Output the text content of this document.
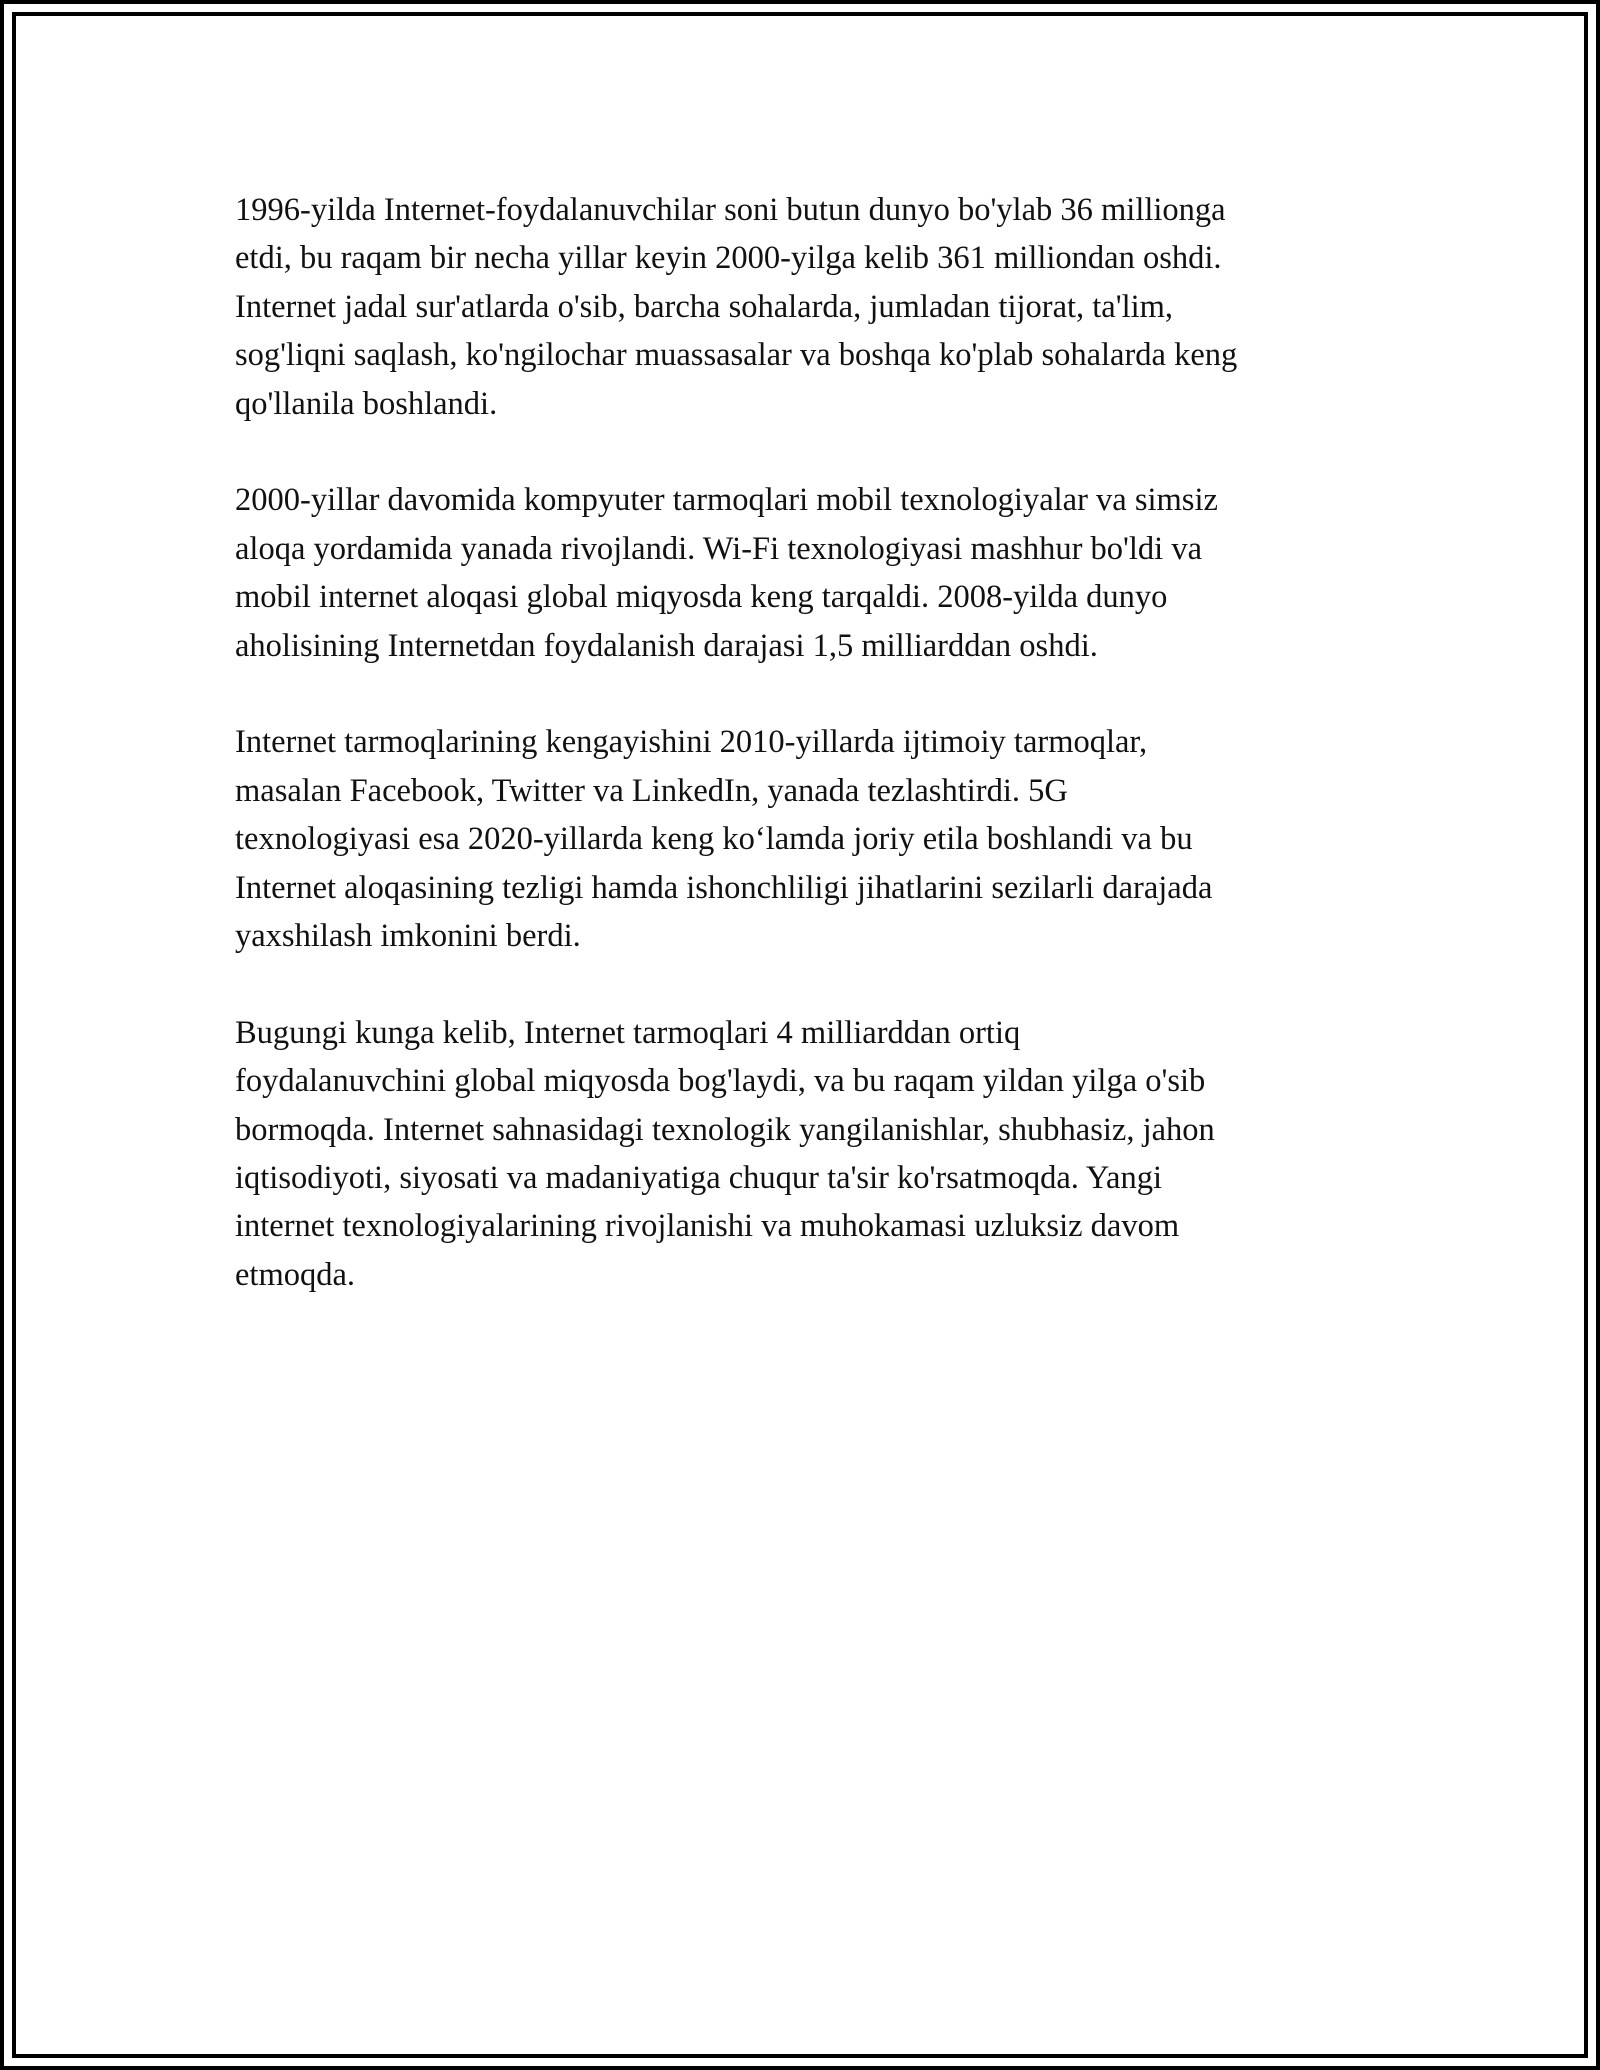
1996-yilda Internet-foydalanuvchilar soni butun dunyo bo'ylab 36 millionga
etdi, bu raqam bir necha yillar keyin 2000-yilga kelib 361 milliondan oshdi.
Internet jadal sur'atlarda o'sib, barcha sohalarda, jumladan tijorat, ta'lim,
sog'liqni saqlash, ko'ngilochar muassasalar va boshqa ko'plab sohalarda keng
qo'llanila boshlandi.

2000-yillar davomida kompyuter tarmoqlari mobil texnologiyalar va simsiz
aloqa yordamida yanada rivojlandi. Wi-Fi texnologiyasi mashhur bo'ldi va
mobil internet aloqasi global miqyosda keng tarqaldi. 2008-yilda dunyo
aholisining Internetdan foydalanish darajasi 1,5 milliarddan oshdi.

Internet tarmoqlarining kengayishini 2010-yillarda ijtimoiy tarmoqlar,
masalan Facebook, Twitter va LinkedIn, yanada tezlashtirdi. 5G
texnologiyasi esa 2020-yillarda keng ko‘lamda joriy etila boshlandi va bu
Internet aloqasining tezligi hamda ishonchliligi jihatlarini sezilarli darajada
yaxshilash imkonini berdi.

Bugungi kunga kelib, Internet tarmoqlari 4 milliarddan ortiq
foydalanuvchini global miqyosda bog'laydi, va bu raqam yildan yilga o'sib
bormoqda. Internet sahnasidagi texnologik yangilanishlar, shubhasiz, jahon
iqtisodiyoti, siyosati va madaniyatiga chuqur ta'sir ko'rsatmoqda. Yangi
internet texnologiyalarining rivojlanishi va muhokamasi uzluksiz davom
etmoqda.
